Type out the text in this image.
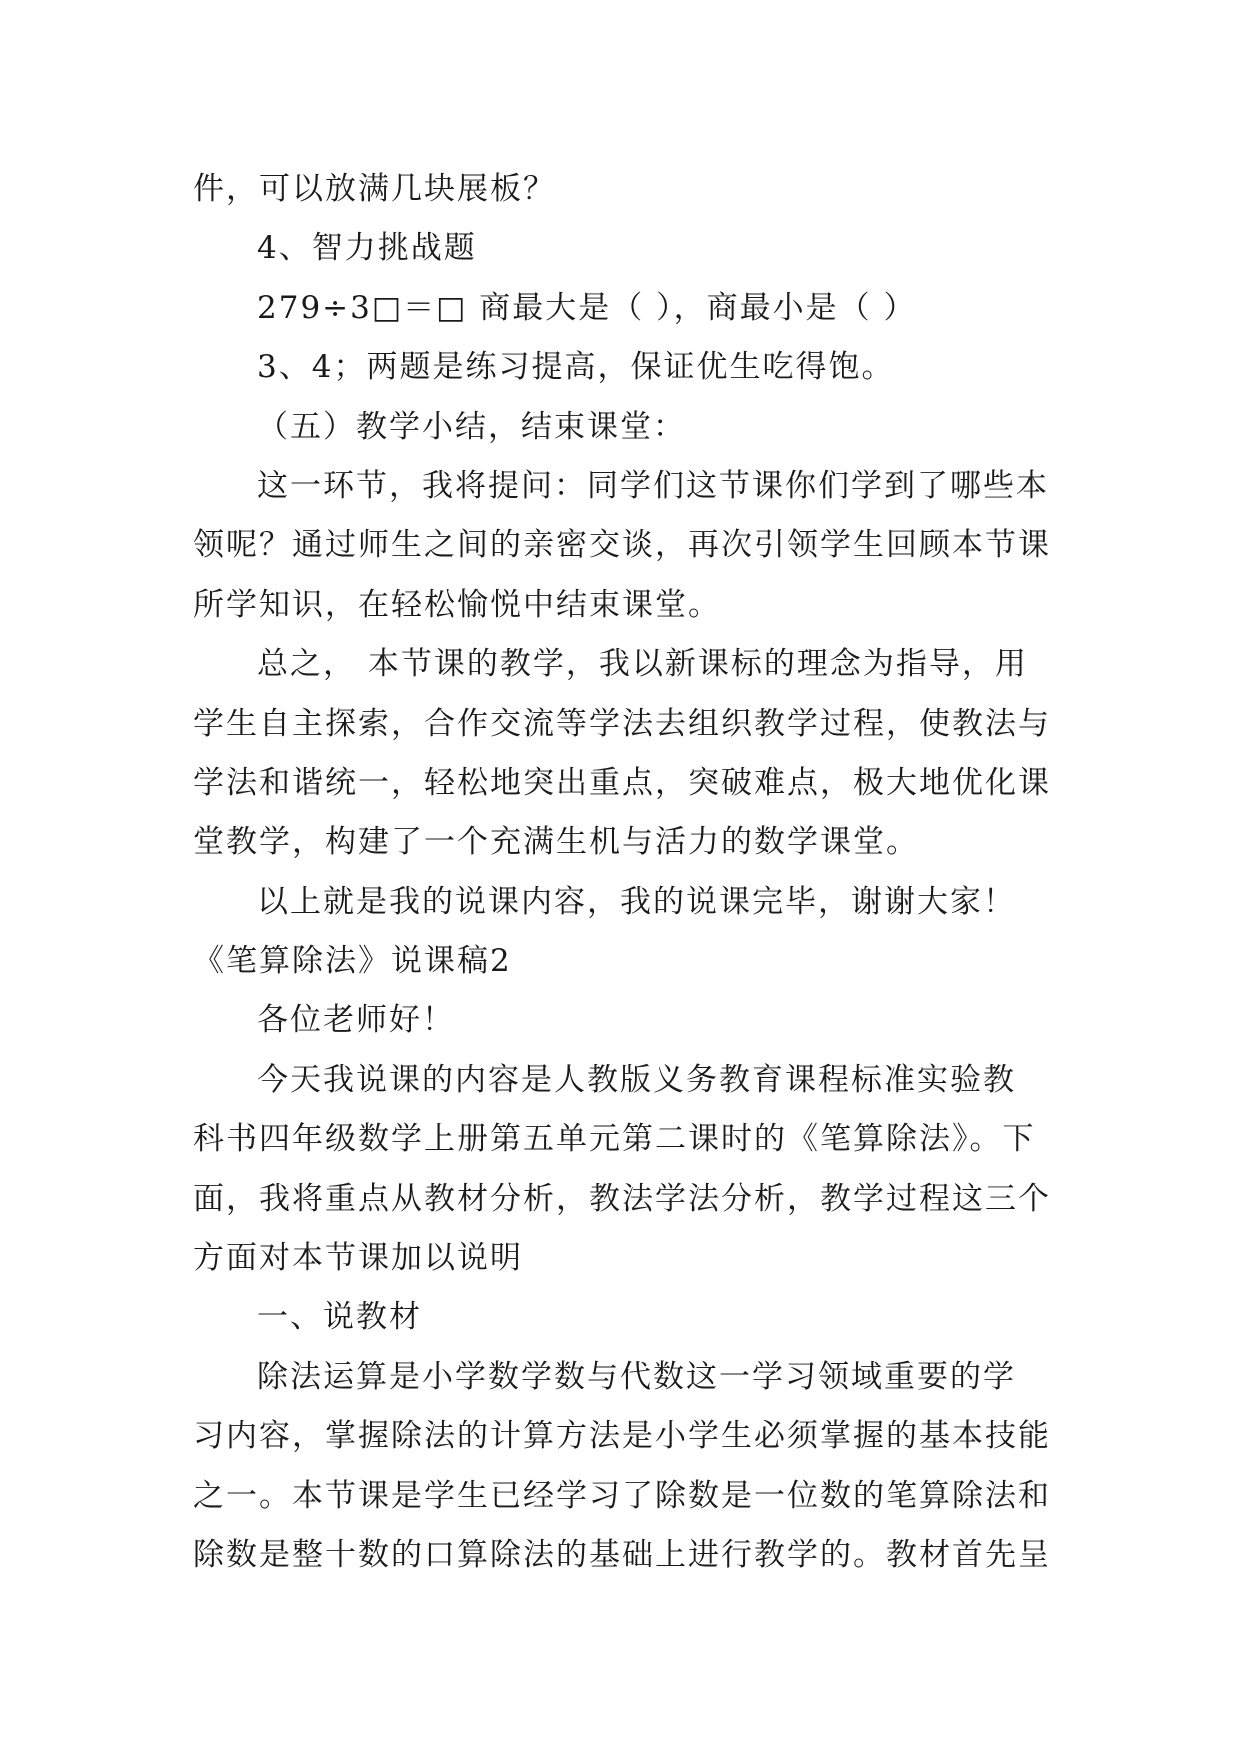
件，可以放满几块展板？
4、智力挑战题
279÷3□＝□ 商最大是（ ），商最小是（ ）
3、4；两题是练习提高，保证优生吃得饱。
（五）教学小结，结束课堂：
这一环节，我将提问：同学们这节课你们学到了哪些本
领呢？通过师生之间的亲密交谈，再次引领学生回顾本节课
所学知识，在轻松愉悦中结束课堂。
总之， 本节课的教学，我以新课标的理念为指导，用
学生自主探索，合作交流等学法去组织教学过程，使教法与
学法和谐统一，轻松地突出重点，突破难点，极大地优化课
堂教学，构建了一个充满生机与活力的数学课堂。
以上就是我的说课内容，我的说课完毕，谢谢大家！
《笔算除法》说课稿2
各位老师好！
今天我说课的内容是人教版义务教育课程标准实验教
科书四年级数学上册第五单元第二课时的《笔算除法》。下
面，我将重点从教材分析，教法学法分析，教学过程这三个
方面对本节课加以说明
一、说教材
除法运算是小学数学数与代数这一学习领域重要的学
习内容，掌握除法的计算方法是小学生必须掌握的基本技能
之一。本节课是学生已经学习了除数是一位数的笔算除法和
除数是整十数的口算除法的基础上进行教学的。教材首先呈
